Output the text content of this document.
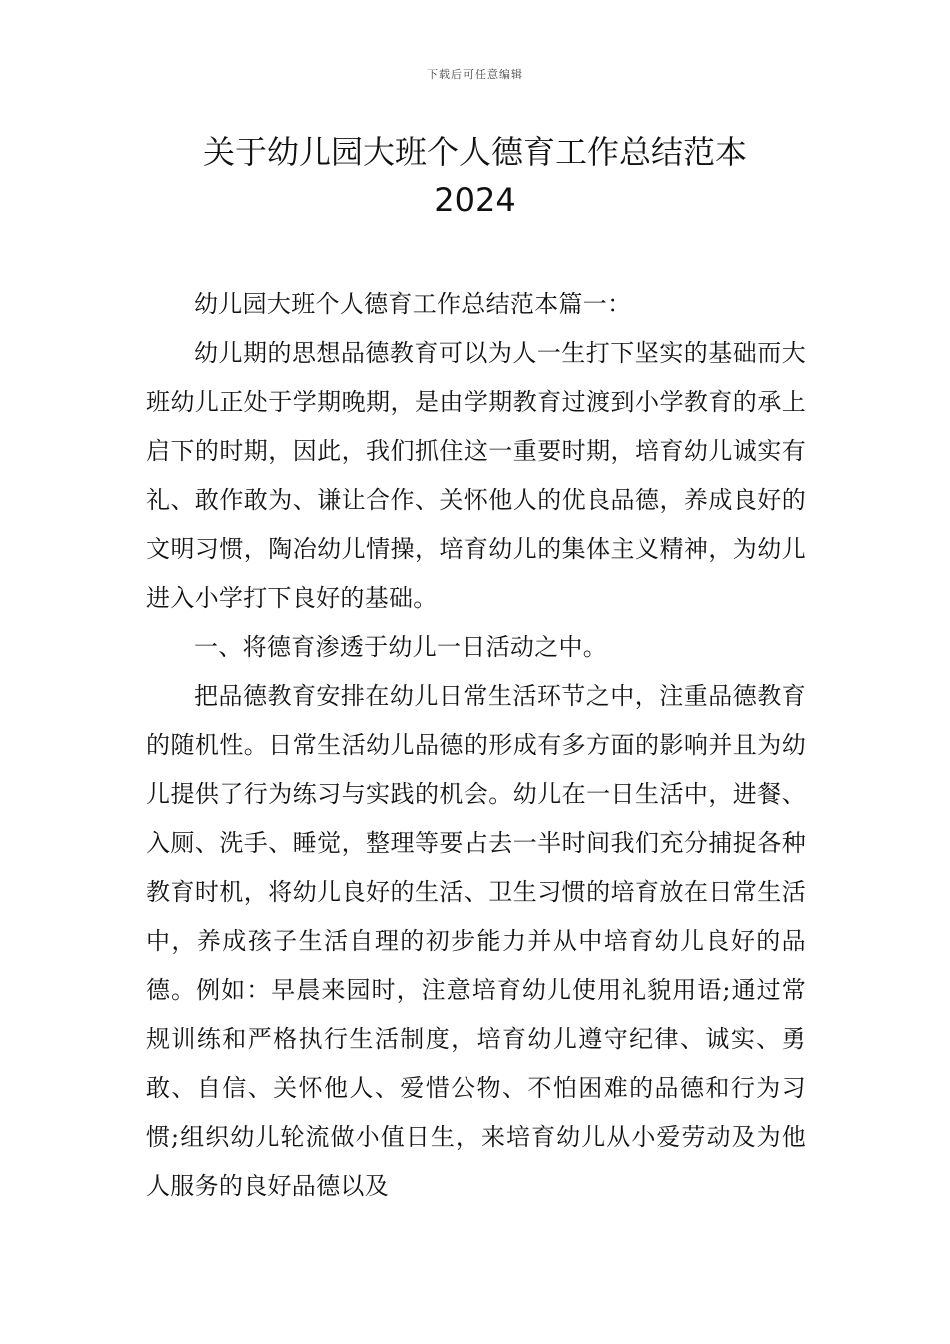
下载后可任意编辑
关于幼儿园大班个人德育工作总结范本
2024

幼儿园大班个人德育工作总结范本篇一：

幼儿期的思想品德教育可以为人一生打下坚实的基础而大班幼儿正处于学期晚期，是由学期教育过渡到小学教育的承上启下的时期，因此，我们抓住这一重要时期，培育幼儿诚实有礼、敢作敢为、谦让合作、关怀他人的优良品德，养成良好的文明习惯，陶冶幼儿情操，培育幼儿的集体主义精神，为幼儿进入小学打下良好的基础。

一、将德育渗透于幼儿一日活动之中。

把品德教育安排在幼儿日常生活环节之中，注重品德教育的随机性。日常生活幼儿品德的形成有多方面的影响并且为幼儿提供了行为练习与实践的机会。幼儿在一日生活中，进餐、入厕、洗手、睡觉，整理等要占去一半时间我们充分捕捉各种教育时机，将幼儿良好的生活、卫生习惯的培育放在日常生活中，养成孩子生活自理的初步能力并从中培育幼儿良好的品德。例如：早晨来园时，注意培育幼儿使用礼貌用语;通过常规训练和严格执行生活制度，培育幼儿遵守纪律、诚实、勇敢、自信、关怀他人、爱惜公物、不怕困难的品德和行为习惯;组织幼儿轮流做小值日生，来培育幼儿从小爱劳动及为他人服务的良好品德以及
